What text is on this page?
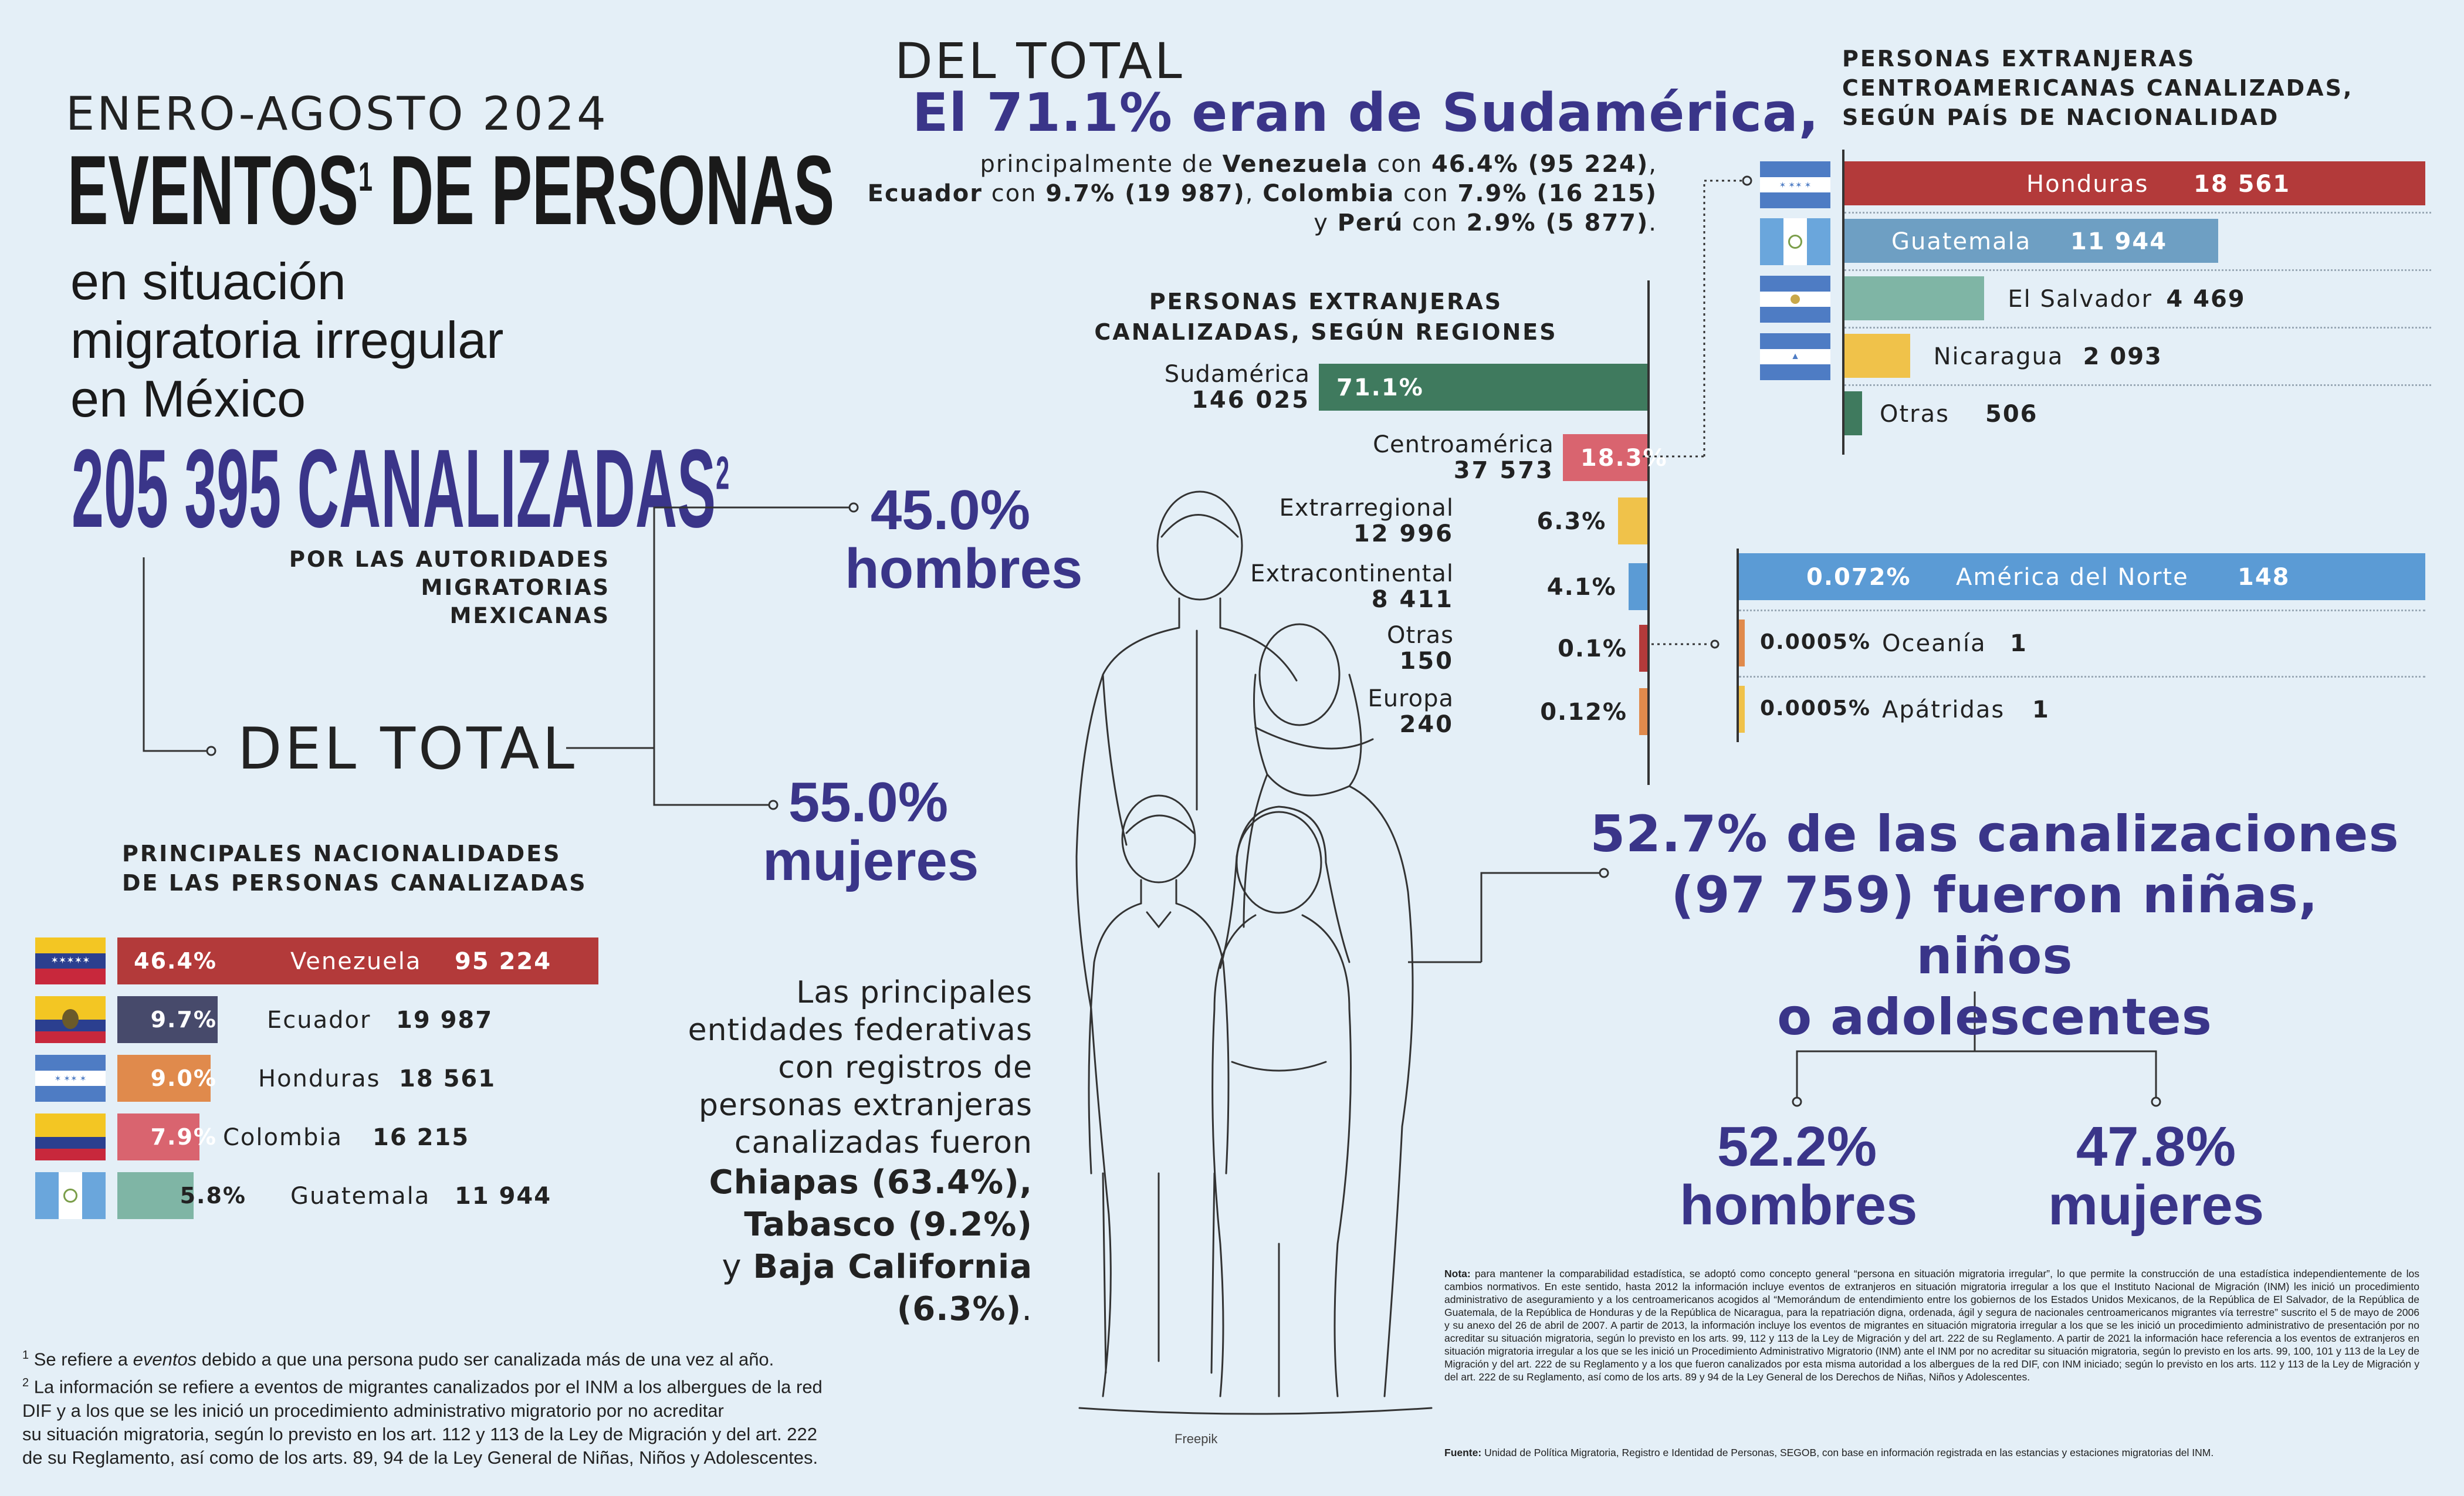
ENERO-AGOSTO 2024
EVENTOS$^1$ DE PERSONAS
en situación
migratoria irregular
en México
205 395 CANALIZADAS$^2$
POR LAS AUTORIDADES
MIGRATORIAS MEXICANAS
DEL TOTAL
45.0%
hombres
55.0%
mujeres
PRINCIPALES NACIONALIDADES
DE LAS PERSONAS CANALIZADAS
✶✶✶✶✶
✶ ✶✶ ✶
46.4%	Venezuela 95 224
9.7% Ecuador 19 987
9.0% Honduras 18 561
7.9% Colombia 16 215
5.8% Guatemala 11 944
DEL TOTAL
El 71.1% eran de Sudamérica,
principalmente de Venezuela con 46.4% (95 224),
Ecuador con 9.7% (19 987), Colombia con 7.9% (16 215)
y Perú con 2.9% (5 877).
PERSONAS EXTRANJERAS
CANALIZADAS, SEGÚN REGIONES
Sudamérica
146 025 71.1%
Centroamérica
37 573 18.3%
Extrarregional
12 996	6.3%
Extracontinental
8 411	4.1%
Otras
150	0.1%
Europa
240	0.12%
PERSONAS EXTRANJERAS
CENTROAMERICANAS CANALIZADAS,
SEGÚN PAÍS DE NACIONALIDAD
✶ ✶✶ ✶
▲
Honduras 18 561
Guatemala 11 944
El Salvador 4 469
Nicaragua 2 093
Otras 506
0.072% América del Norte 148
0.0005% Oceanía 1
0.0005% Apátridas 1
52.7% de las canalizaciones
(97 759) fueron niñas, niños
o adolescentes
52.2%
hombres
47.8%
mujeres
Freepik
Las principales
entidades federativas
con registros de
personas extranjeras
canalizadas fueron
Chiapas (63.4%),
Tabasco (9.2%)
y Baja California (6.3%).

$^1$ Se refiere a eventos debido a que una persona pudo ser canalizada más de una vez al año.

$^2$ La información se refiere a eventos de migrantes canalizados por el INM a los albergues de la red

DIF y a los que se les inició un procedimiento administrativo migratorio por no acreditar

su situación migratoria, según lo previsto en los art. 112 y 113 de la Ley de Migración y del art. 222

de su Reglamento, así como de los arts. 89, 94 de la Ley General de Niñas, Niños y Adolescentes.

Nota: para mantener la comparabilidad estadística, se adoptó como concepto general “persona en situación migratoria irregular”, lo que permite la construcción de una estadística independientemente de los cambios normativos. En este sentido, hasta 2012 la información incluye eventos de extranjeros en situación migratoria irregular a los que el Instituto Nacional de Migración (INM) les inició un procedimiento administrativo de aseguramiento y a los centroamericanos acogidos al “Memorándum de entendimiento entre los gobiernos de los Estados Unidos Mexicanos, de la República de El Salvador, de la República de Guatemala, de la República de Honduras y de la República de Nicaragua, para la repatriación digna, ordenada, ágil y segura de nacionales centroamericanos migrantes vía terrestre” suscrito el 5 de mayo de 2006 y su anexo del 26 de abril de 2007. A partir de 2013, la información incluye los eventos de migrantes en situación migratoria irregular a los que se les inició un procedimiento administrativo de presentación por no acreditar su situación migratoria, según lo previsto en los arts. 99, 112 y 113 de la Ley de Migración y del art. 222 de su Reglamento. A partir de 2021 la información hace referencia a los eventos de extranjeros en situación migratoria irregular a los que se les inició un Procedimiento Administrativo Migratorio (INM) ante el INM por no acreditar su situación migratoria, según lo previsto en los arts. 99, 100, 101 y 113 de la Ley de Migración y del art. 222 de su Reglamento y a los que fueron canalizados por esta misma autoridad a los albergues de la red DIF, con INM iniciado; según lo previsto en los arts. 112 y 113 de la Ley de Migración y del art. 222 de su Reglamento, así como de los arts. 89 y 94 de la Ley General de los Derechos de Niñas, Niños y Adolescentes.
Fuente: Unidad de Política Migratoria, Registro e Identidad de Personas, SEGOB, con base en información registrada en las estancias y estaciones migratorias del INM.
